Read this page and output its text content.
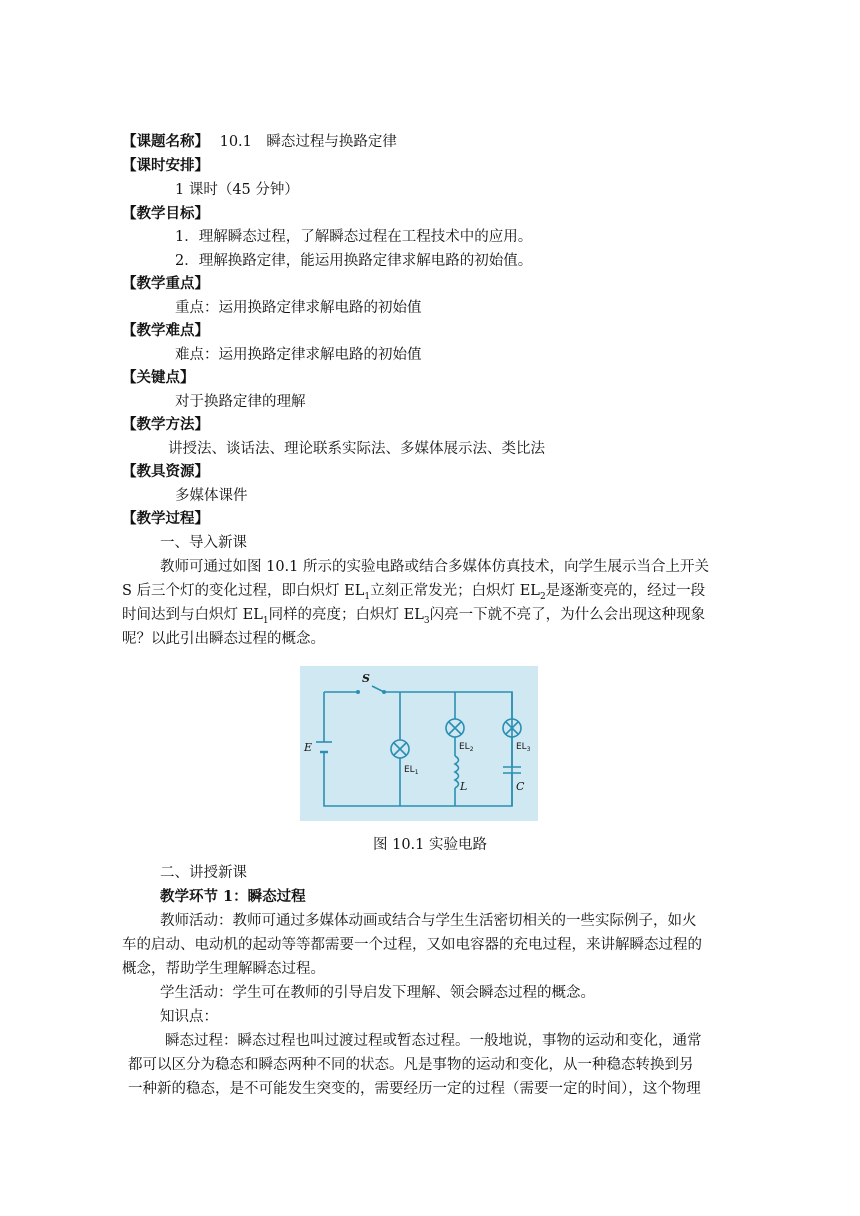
【课题名称】 10.1　瞬态过程与换路定律
【课时安排】
1 课时（45 分钟）
【教学目标】
1．理解瞬态过程，了解瞬态过程在工程技术中的应用。
2．理解换路定律，能运用换路定律求解电路的初始值。
【教学重点】
重点：运用换路定律求解电路的初始值
【教学难点】
难点：运用换路定律求解电路的初始值
【关键点】
对于换路定律的理解
【教学方法】
讲授法、谈话法、理论联系实际法、多媒体展示法、类比法
【教具资源】
多媒体课件
【教学过程】
一、导入新课
教师可通过如图 10.1 所示的实验电路或结合多媒体仿真技术，向学生展示当合上开关
S 后三个灯的变化过程，即白炽灯 $EL_1$立刻正常发光；白炽灯 $EL_2$是逐渐变亮的，经过一段
时间达到与白炽灯 $EL_1$同样的亮度；白炽灯 $EL_3$闪亮一下就不亮了，为什么会出现这种现象
呢？以此引出瞬态过程的概念。
S
E
L	C
$EL_1$
$EL_2$	$EL_3$
图 10.1 实验电路
二、讲授新课
教学环节 1：瞬态过程
教师活动：教师可通过多媒体动画或结合与学生生活密切相关的一些实际例子，如火
车的启动、电动机的起动等等都需要一个过程，又如电容器的充电过程，来讲解瞬态过程的
概念，帮助学生理解瞬态过程。
学生活动：学生可在教师的引导启发下理解、领会瞬态过程的概念。
知识点：
瞬态过程：瞬态过程也叫过渡过程或暂态过程。一般地说，事物的运动和变化，通常
都可以区分为稳态和瞬态两种不同的状态。凡是事物的运动和变化，从一种稳态转换到另
一种新的稳态，是不可能发生突变的，需要经历一定的过程（需要一定的时间），这个物理
